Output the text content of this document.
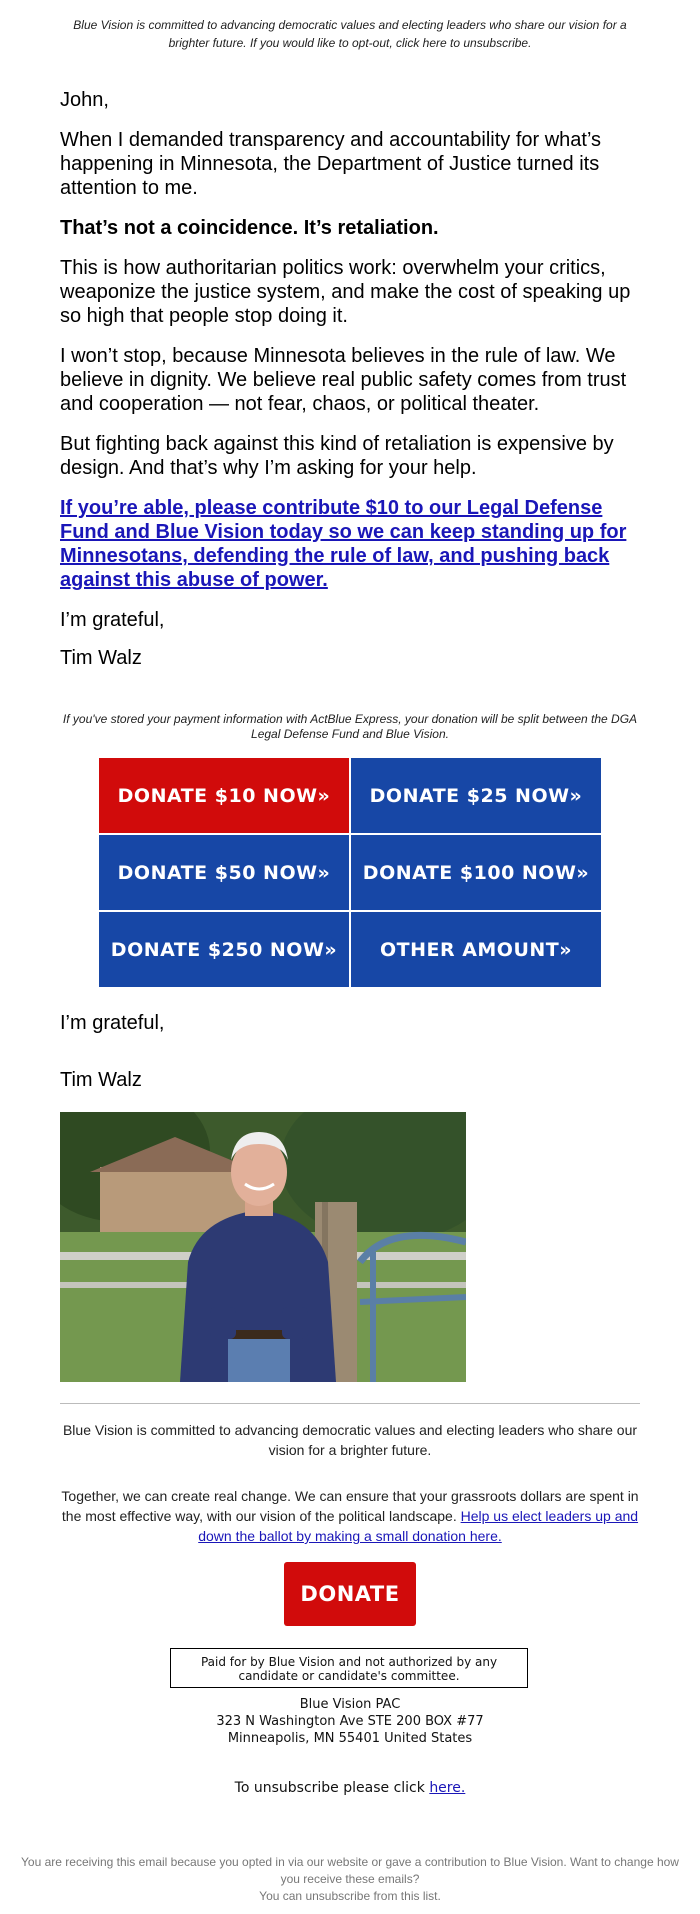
Blue Vision is committed to advancing democratic values and electing leaders who share our vision for a brighter future. If you would like to opt-out, click here to unsubscribe.

John,

When I demanded transparency and accountability for what’s happening in Minnesota, the Department of Justice turned its attention to me.

That’s not a coincidence. It’s retaliation.

This is how authoritarian politics work: overwhelm your critics, weaponize the justice system, and make the cost of speaking up so high that people stop doing it.

I won’t stop, because Minnesota believes in the rule of law. We believe in dignity. We believe real public safety comes from trust and cooperation — not fear, chaos, or political theater.

But fighting back against this kind of retaliation is expensive by design. And that’s why I’m asking for your help.

If you’re able, please contribute $10 to our Legal Defense Fund and Blue Vision today so we can keep standing up for Minnesotans, defending the rule of law, and pushing back against this abuse of power.

I’m grateful,

Tim Walz

If you've stored your payment information with ActBlue Express, your donation will be split between the DGA Legal Defense Fund and Blue Vision.
DONATE $10 NOW»	DONATE $25 NOW»
DONATE $50 NOW»	DONATE $100 NOW»
DONATE $250 NOW»	OTHER AMOUNT»
I’m grateful,
Tim Walz
Blue Vision is committed to advancing democratic values and electing leaders who share our vision for a brighter future.
Together, we can create real change. We can ensure that your grassroots dollars are spent in the most effective way, with our vision of the political landscape. Help us elect leaders up and down the ballot by making a small donation here.
DONATE
Paid for by Blue Vision and not authorized by any candidate or candidate's committee.
Blue Vision PAC
323 N Washington Ave STE 200 BOX #77
Minneapolis, MN 55401 United States
To unsubscribe please click here.
You are receiving this email because you opted in via our website or gave a contribution to Blue Vision. Want to change how you receive these emails?
You can unsubscribe from this list.
